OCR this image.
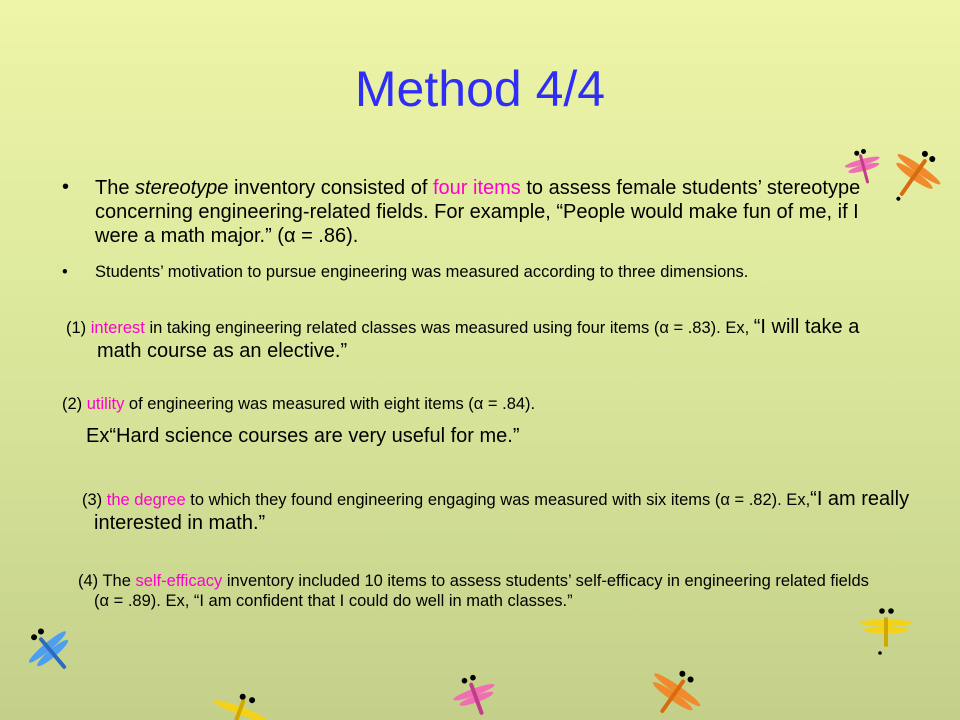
Method 4/4
• The stereotype inventory consisted of four items to assess female students’ stereotype concerning engineering-related fields. For example, “People would make fun of me, if I were a math major.” (α = .86).

• Students’ motivation to pursue engineering was measured according to three dimensions.

(1) interest in taking engineering related classes was measured using four items (α = .83). Ex, “I will take a math course as an elective.”

(2) utility of engineering was measured with eight items (α = .84).

Ex“Hard science courses are very useful for me.”

(3) the degree to which they found engineering engaging was measured with six items (α = .82). Ex,“I am really interested in math.”

(4) The self-efficacy inventory included 10 items to assess students’ self-efficacy in engineering related fields (α = .89). Ex, “I am confident that I could do well in math classes.”
